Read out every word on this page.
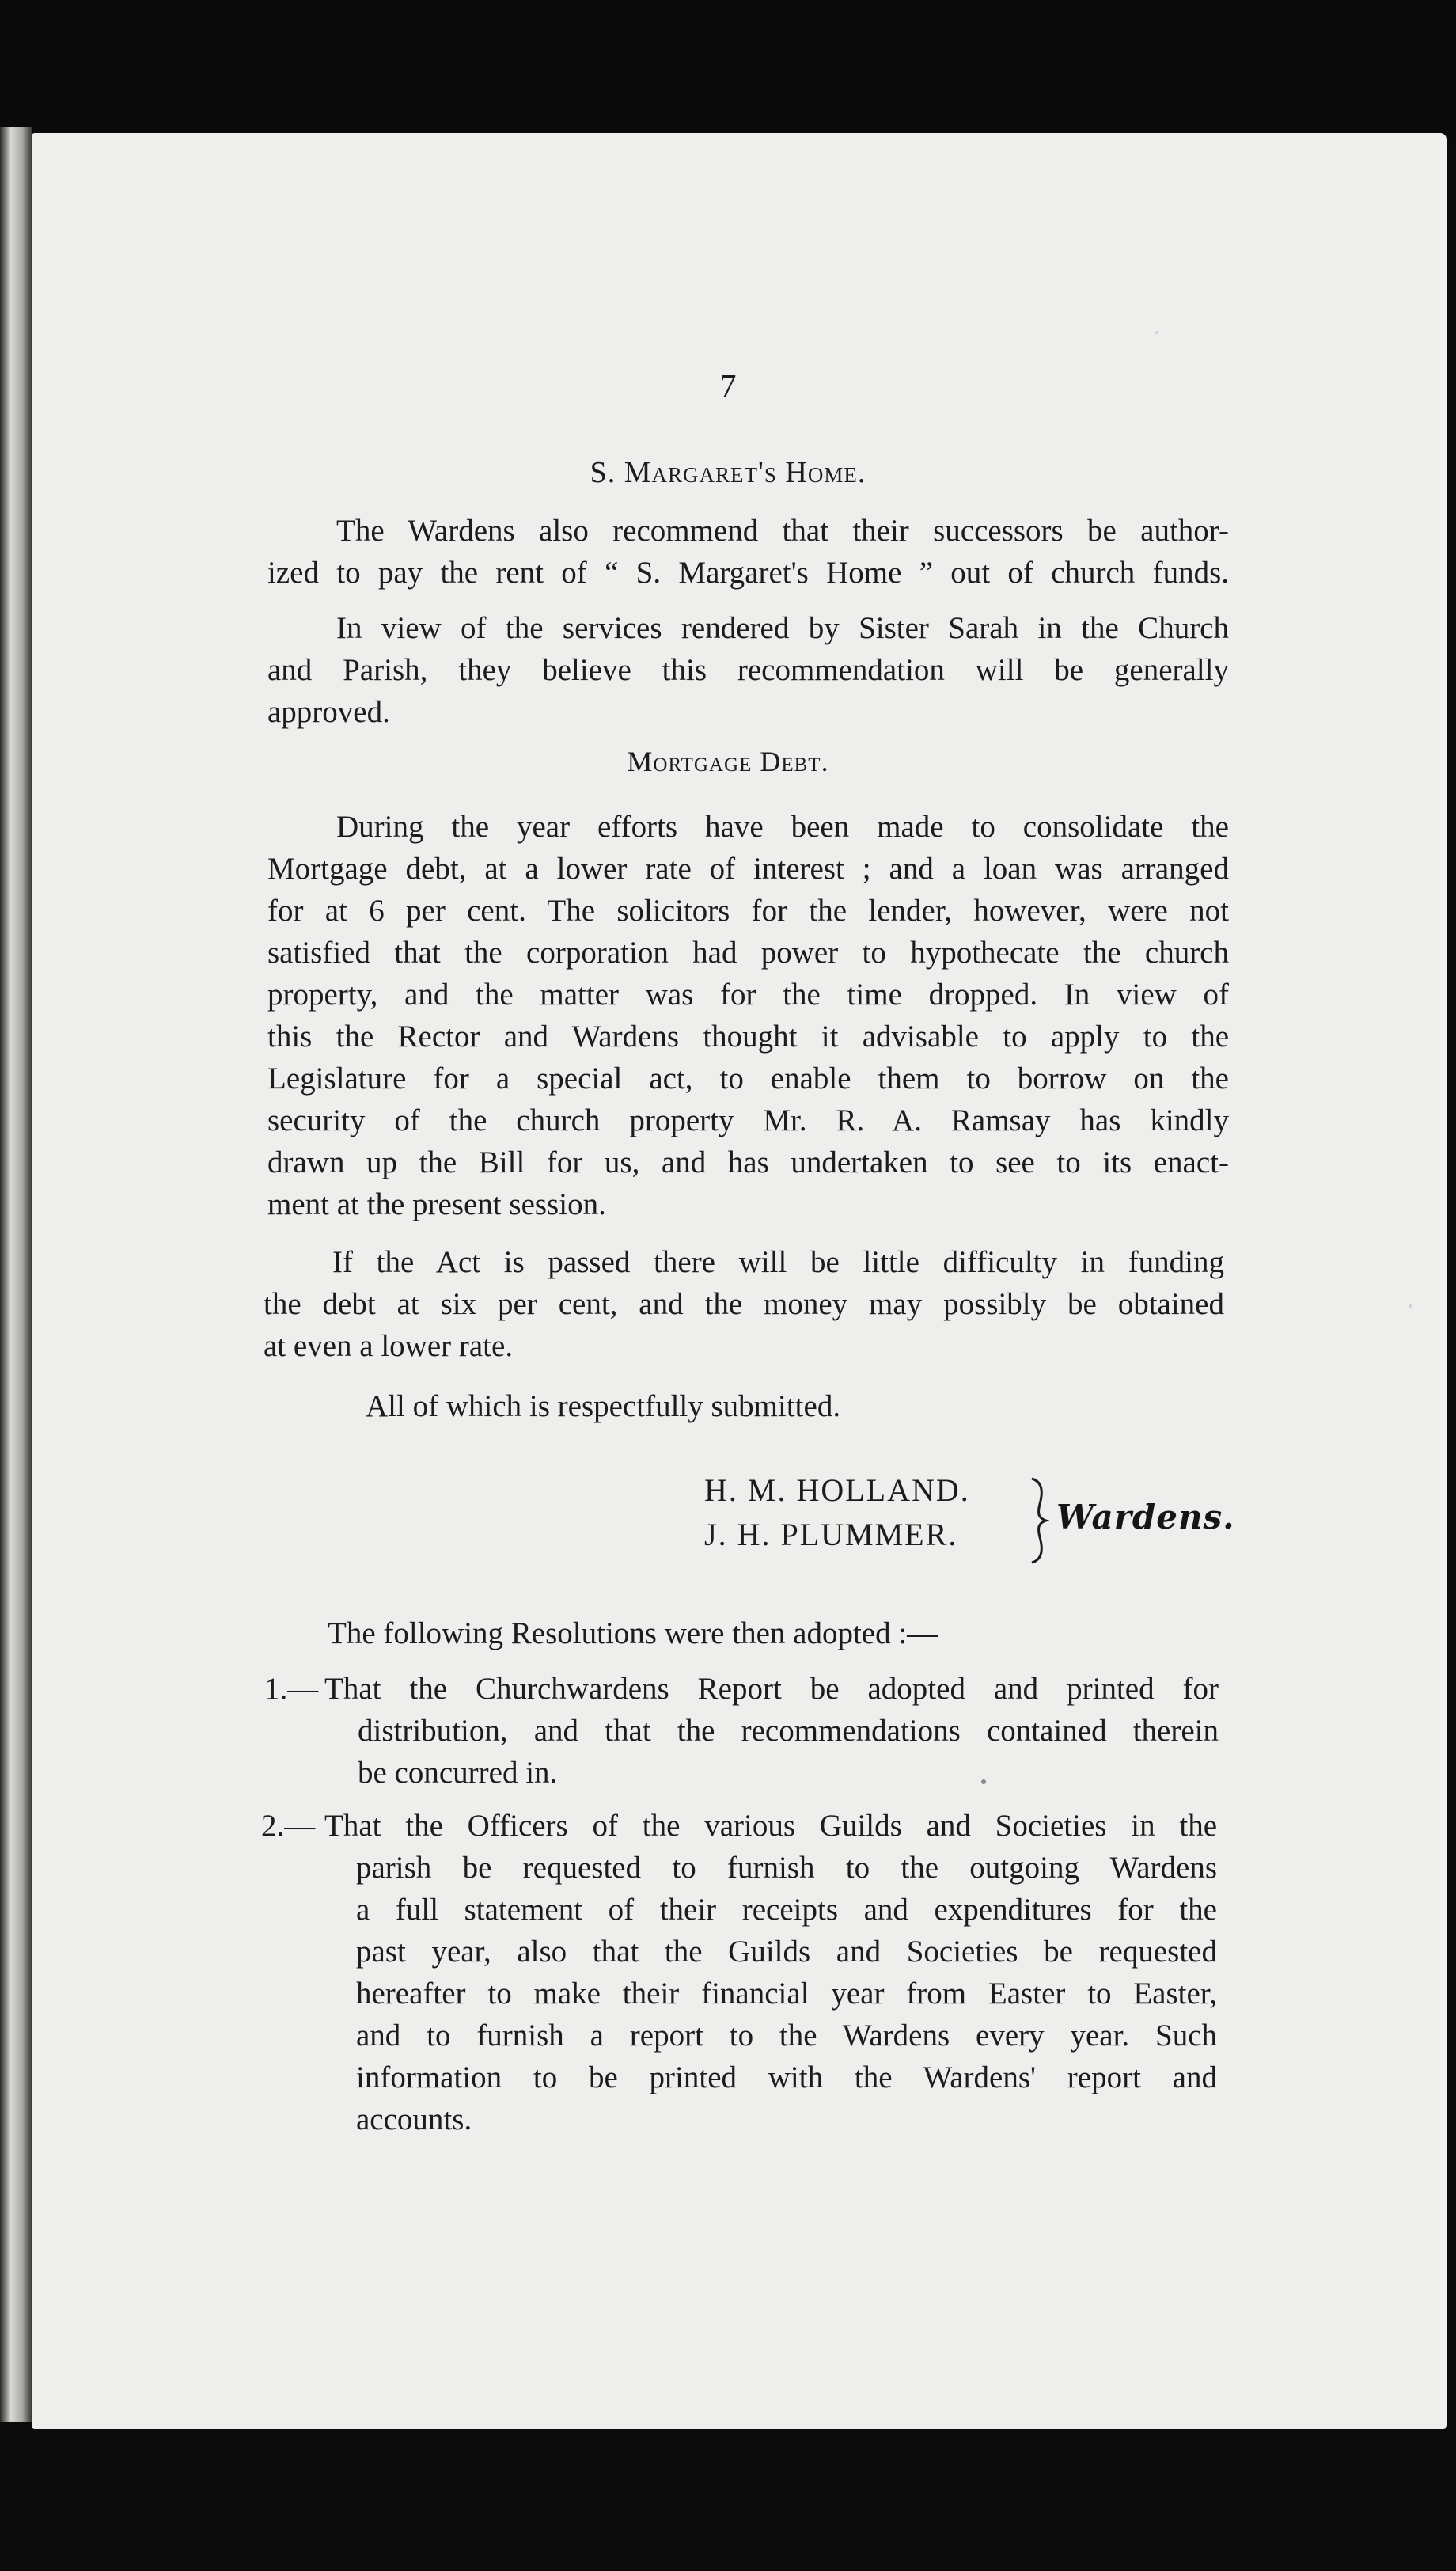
7
S. Margaret's Home.
The Wardens also recommend that their successors be author-
ized to pay the rent of “ S. Margaret's Home ” out of church funds.
In view of the services rendered by Sister Sarah in the Church
and Parish, they believe this recommendation will be generally
approved.
Mortgage Debt.
During the year efforts have been made to consolidate the
Mortgage debt, at a lower rate of interest ; and a loan was arranged
for at 6 per cent. The solicitors for the lender, however, were not
satisfied that the corporation had power to hypothecate the church
property, and the matter was for the time dropped. In view of
this the Rector and Wardens thought it advisable to apply to the
Legislature for a special act, to enable them to borrow on the
security of the church property Mr. R. A. Ramsay has kindly
drawn up the Bill for us, and has undertaken to see to its enact-
ment at the present session.
If the Act is passed there will be little difficulty in funding
the debt at six per cent, and the money may possibly be obtained
at even a lower rate.
All of which is respectfully submitted.
H. M. HOLLAND.
J. H. PLUMMER.	Wardens.
The following Resolutions were then adopted :—
1.— That the Churchwardens Report be adopted and printed for
distribution, and that the recommendations contained therein
be concurred in.
2.— That the Officers of the various Guilds and Societies in the
parish be requested to furnish to the outgoing Wardens
a full statement of their receipts and expenditures for the
past year, also that the Guilds and Societies be requested
hereafter to make their financial year from Easter to Easter,
and to furnish a report to the Wardens every year. Such
information to be printed with the Wardens' report and
accounts.
